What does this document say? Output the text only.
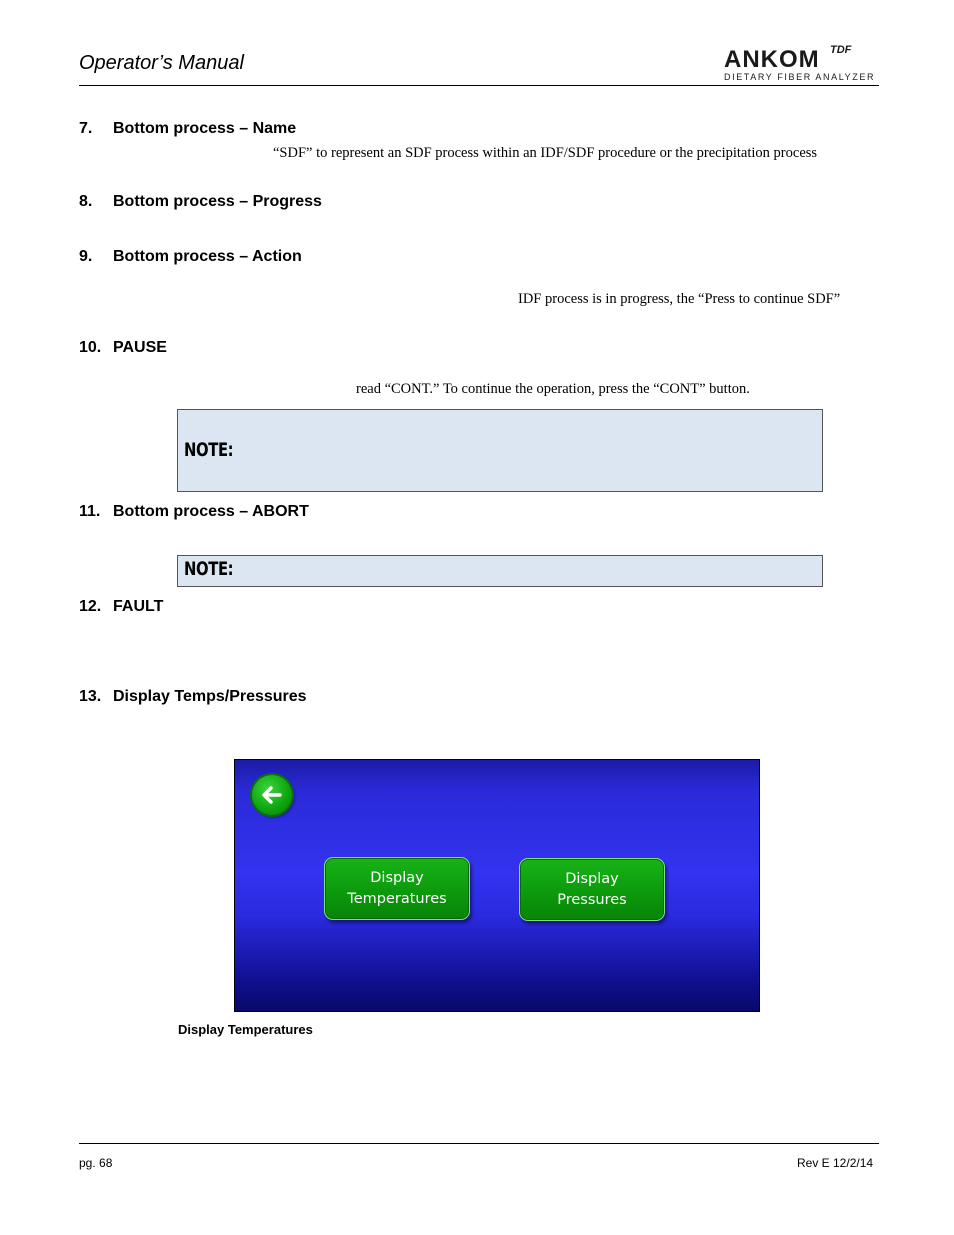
Operator’s Manual	ANKOM TDF
DIETARY FIBER ANALYZER
7. Bottom process – Name
“SDF” to represent an SDF process within an IDF/SDF procedure or the precipitation process
8. Bottom process – Progress
9. Bottom process – Action
IDF process is in progress, the “Press to continue SDF”
10. PAUSE
read “CONT.” To continue the operation, press the “CONT” button.
NOTE:
11. Bottom process – ABORT
NOTE:
12. FAULT
13. Display Temps/Pressures
Display
Temperatures
Display
Pressures
Display Temperatures
pg. 68	Rev E 12/2/14
